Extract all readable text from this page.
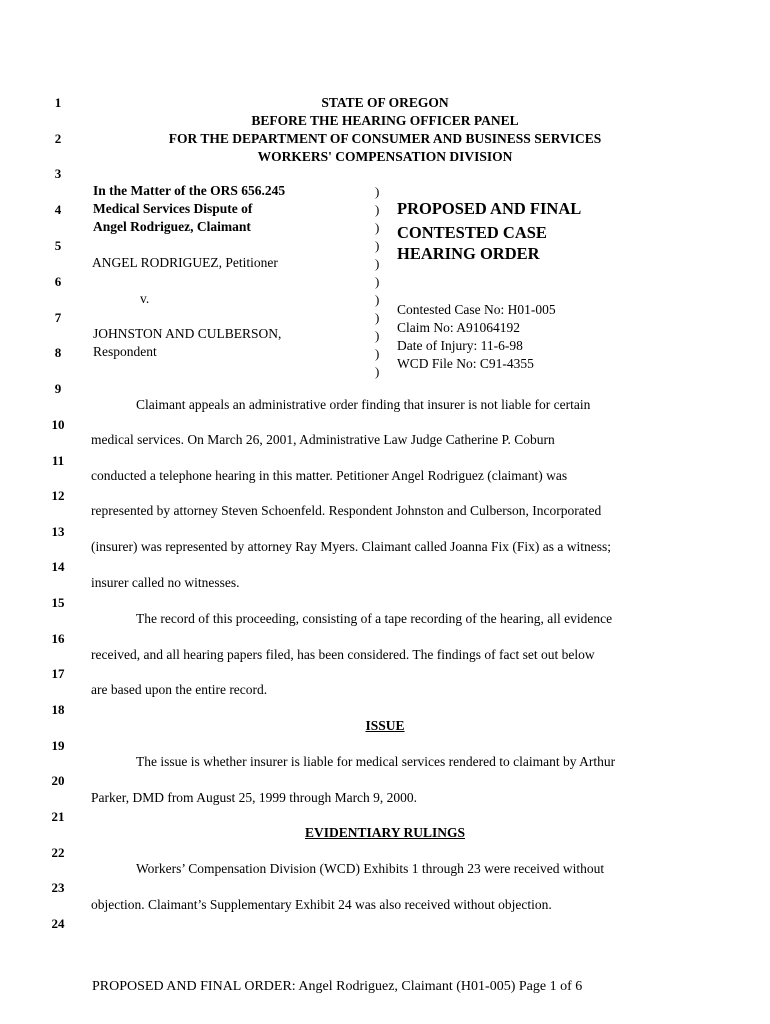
1
2
3
4
5
6
7
8
9
10
11
12
13
14
15
16
17
18
19
20
21
22
23
24
STATE OF OREGON
BEFORE THE HEARING OFFICER PANEL
FOR THE DEPARTMENT OF CONSUMER AND BUSINESS SERVICES
WORKERS' COMPENSATION DIVISION
In the Matter of the ORS 656.245
Medical Services Dispute of
Angel Rodriguez, Claimant
ANGEL RODRIGUEZ, Petitioner
v.
JOHNSTON AND CULBERSON,
Respondent
)
)
)
)
)
)
)
)
)
)
)
PROPOSED AND FINAL
CONTESTED CASE
HEARING ORDER
Contested Case No: H01-005
Claim No: A91064192
Date of Injury: 11-6-98
WCD File No: C91-4355
Claimant appeals an administrative order finding that insurer is not liable for certain
medical services. On March 26, 2001, Administrative Law Judge Catherine P. Coburn
conducted a telephone hearing in this matter. Petitioner Angel Rodriguez (claimant) was
represented by attorney Steven Schoenfeld. Respondent Johnston and Culberson, Incorporated
(insurer) was represented by attorney Ray Myers. Claimant called Joanna Fix (Fix) as a witness;
insurer called no witnesses.
The record of this proceeding, consisting of a tape recording of the hearing, all evidence
received, and all hearing papers filed, has been considered. The findings of fact set out below
are based upon the entire record.
ISSUE
The issue is whether insurer is liable for medical services rendered to claimant by Arthur
Parker, DMD from August 25, 1999 through March 9, 2000.
EVIDENTIARY RULINGS
Workers’ Compensation Division (WCD) Exhibits 1 through 23 were received without
objection. Claimant’s Supplementary Exhibit 24 was also received without objection.
PROPOSED AND FINAL ORDER: Angel Rodriguez, Claimant (H01-005) Page 1 of 6
